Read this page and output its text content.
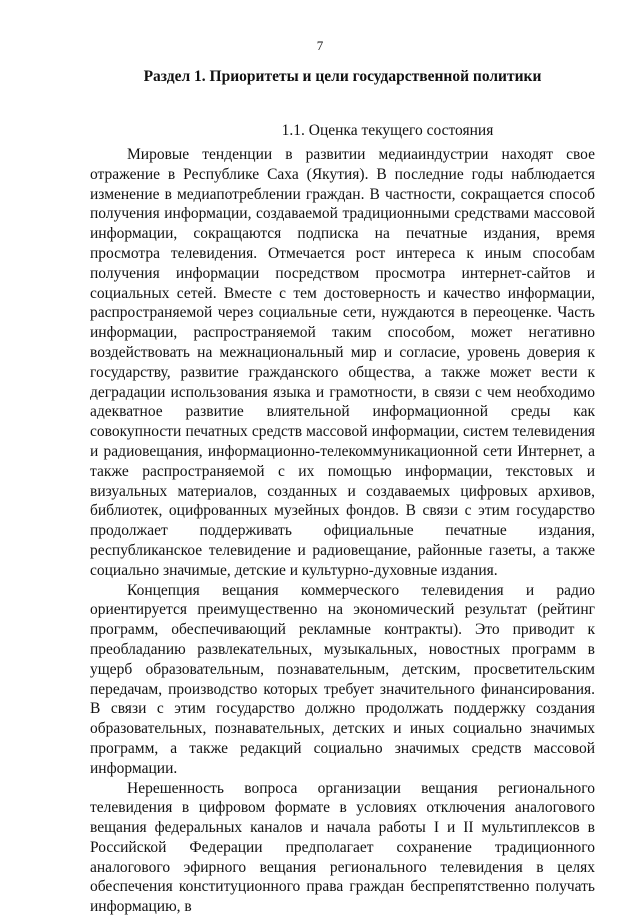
7
Раздел 1. Приоритеты и цели государственной политики
1.1. Оценка текущего состояния

Мировые тенденции в развитии медиаиндустрии находят свое отражение в Республике Саха (Якутия). В последние годы наблюдается изменение в медиапотреблении граждан. В частности, сокращается способ получения информации, создаваемой традиционными средствами массовой информации, сокращаются подписка на печатные издания, время просмотра телевидения. Отмечается рост интереса к иным способам получения информации посредством просмотра интернет-сайтов и социальных сетей. Вместе с тем достоверность и качество информации, распространяемой через социальные сети, нуждаются в переоценке. Часть информации, распространяемой таким способом, может негативно воздействовать на межнациональный мир и согласие, уровень доверия к государству, развитие гражданского общества, а также может вести к деградации использования языка и грамотности, в связи с чем необходимо адекватное развитие влиятельной информационной среды как совокупности печатных средств массовой информации, систем телевидения и радиовещания, информационно-телекоммуникационной сети Интернет, а также распространяемой с их помощью информации, текстовых и визуальных материалов, созданных и создаваемых цифровых архивов, библиотек, оцифрованных музейных фондов. В связи с этим государство продолжает поддерживать официальные печатные издания, республиканское телевидение и радиовещание, районные газеты, а также социально значимые, детские и культурно-духовные издания.

Концепция вещания коммерческого телевидения и радио ориентируется преимущественно на экономический результат (рейтинг программ, обеспечивающий рекламные контракты). Это приводит к преобладанию развлекательных, музыкальных, новостных программ в ущерб образовательным, познавательным, детским, просветительским передачам, производство которых требует значительного финансирования. В связи с этим государство должно продолжать поддержку создания образовательных, познавательных, детских и иных социально значимых программ, а также редакций социально значимых средств массовой информации.

Нерешенность вопроса организации вещания регионального телевидения в цифровом формате в условиях отключения аналогового вещания федеральных каналов и начала работы I и II мультиплексов в Российской Федерации предполагает сохранение традиционного аналогового эфирного вещания регионального телевидения в целях обеспечения конституционного права граждан беспрепятственно получать информацию, в
